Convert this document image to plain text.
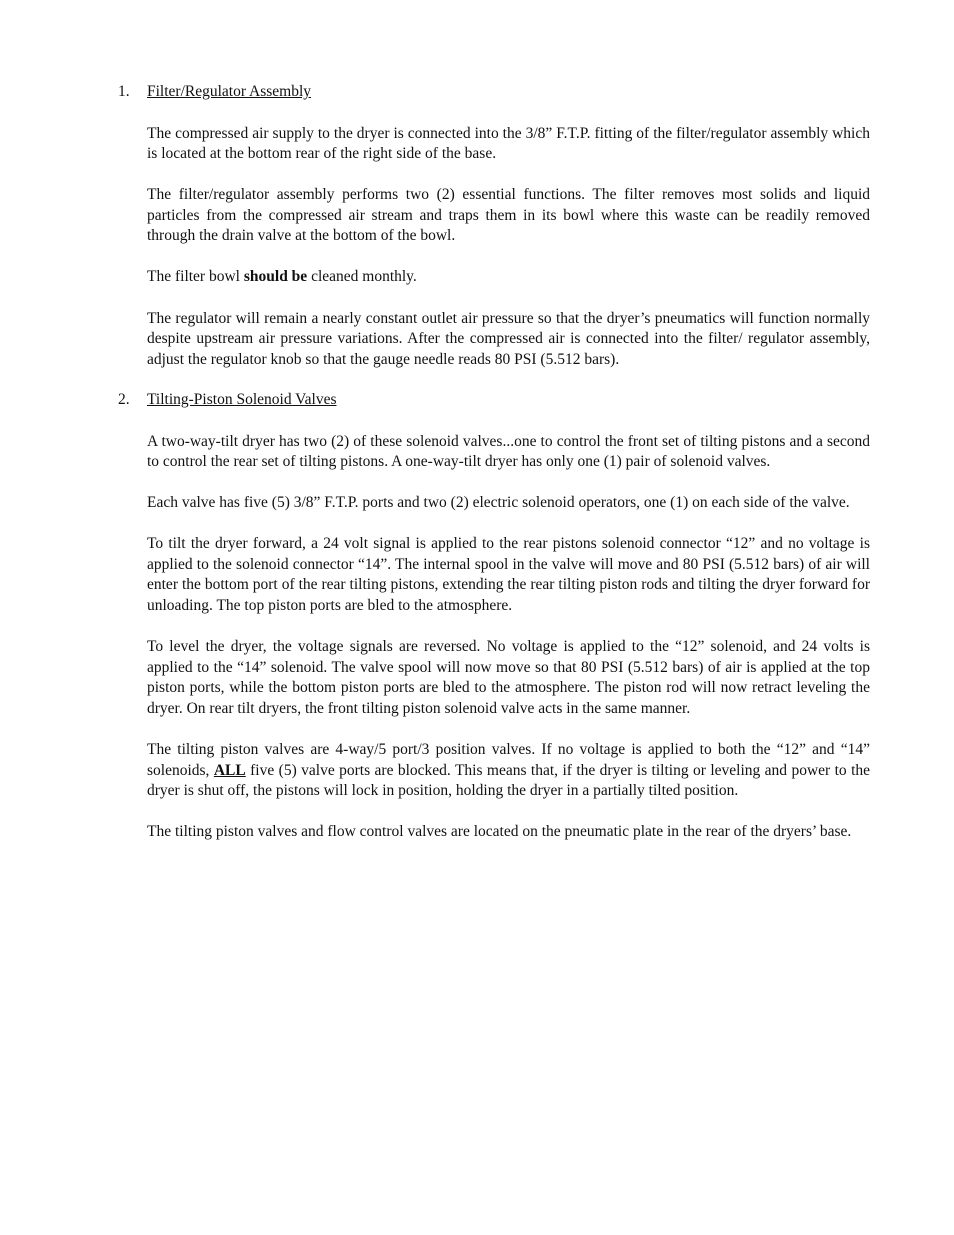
1. Filter/Regulator Assembly

The compressed air supply to the dryer is connected into the 3/8” F.T.P. fitting of the filter/regulator assembly which is located at the bottom rear of the right side of the base.

The filter/regulator assembly performs two (2) essential functions. The filter removes most solids and liquid particles from the compressed air stream and traps them in its bowl where this waste can be readily removed through the drain valve at the bottom of the bowl.

The filter bowl should be cleaned monthly.

The regulator will remain a nearly constant outlet air pressure so that the dryer’s pneumatics will function normally despite upstream air pressure variations. After the compressed air is connected into the filter/ regulator assembly, adjust the regulator knob so that the gauge needle reads 80 PSI (5.512 bars).

2. Tilting-Piston Solenoid Valves

A two-way-tilt dryer has two (2) of these solenoid valves...one to control the front set of tilting pistons and a second to control the rear set of tilting pistons. A one-way-tilt dryer has only one (1) pair of solenoid valves.

Each valve has five (5) 3/8” F.T.P. ports and two (2) electric solenoid operators, one (1) on each side of the valve.

To tilt the dryer forward, a 24 volt signal is applied to the rear pistons solenoid connector “12” and no voltage is applied to the solenoid connector “14”. The internal spool in the valve will move and 80 PSI (5.512 bars) of air will enter the bottom port of the rear tilting pistons, extending the rear tilting piston rods and tilting the dryer forward for unloading. The top piston ports are bled to the atmosphere.

To level the dryer, the voltage signals are reversed. No voltage is applied to the “12” solenoid, and 24 volts is applied to the “14” solenoid. The valve spool will now move so that 80 PSI (5.512 bars) of air is applied at the top piston ports, while the bottom piston ports are bled to the atmosphere. The piston rod will now retract leveling the dryer. On rear tilt dryers, the front tilting piston solenoid valve acts in the same manner.

The tilting piston valves are 4-way/5 port/3 position valves. If no voltage is applied to both the “12” and “14” solenoids, ALL five (5) valve ports are blocked. This means that, if the dryer is tilting or leveling and power to the dryer is shut off, the pistons will lock in position, holding the dryer in a partially tilted position.

The tilting piston valves and flow control valves are located on the pneumatic plate in the rear of the dryers’ base.
